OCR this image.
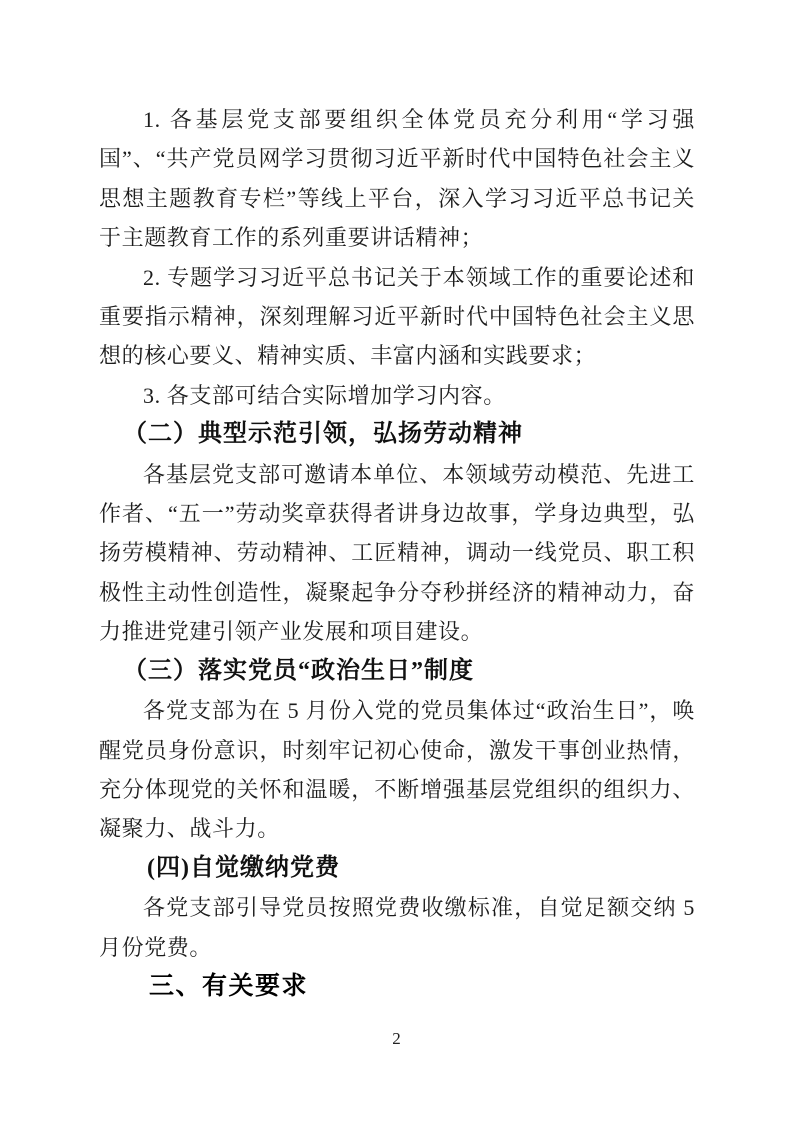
1. 各基层党支部要组织全体党员充分利用“学习强国”、“共产党员网学习贯彻习近平新时代中国特色社会主义思想主题教育专栏”等线上平台，深入学习习近平总书记关于主题教育工作的系列重要讲话精神；

2. 专题学习习近平总书记关于本领域工作的重要论述和重要指示精神，深刻理解习近平新时代中国特色社会主义思想的核心要义、精神实质、丰富内涵和实践要求；

3. 各支部可结合实际增加学习内容。

（二）典型示范引领，弘扬劳动精神

各基层党支部可邀请本单位、本领域劳动模范、先进工作者、“五一”劳动奖章获得者讲身边故事，学身边典型，弘扬劳模精神、劳动精神、工匠精神，调动一线党员、职工积极性主动性创造性，凝聚起争分夺秒拼经济的精神动力，奋力推进党建引领产业发展和项目建设。

（三）落实党员“政治生日”制度

各党支部为在 5 月份入党的党员集体过“政治生日”，唤醒党员身份意识，时刻牢记初心使命，激发干事创业热情，充分体现党的关怀和温暖，不断增强基层党组织的组织力、凝聚力、战斗力。

(四)自觉缴纳党费

各党支部引导党员按照党费收缴标准，自觉足额交纳 5 月份党费。

三、有关要求

2
